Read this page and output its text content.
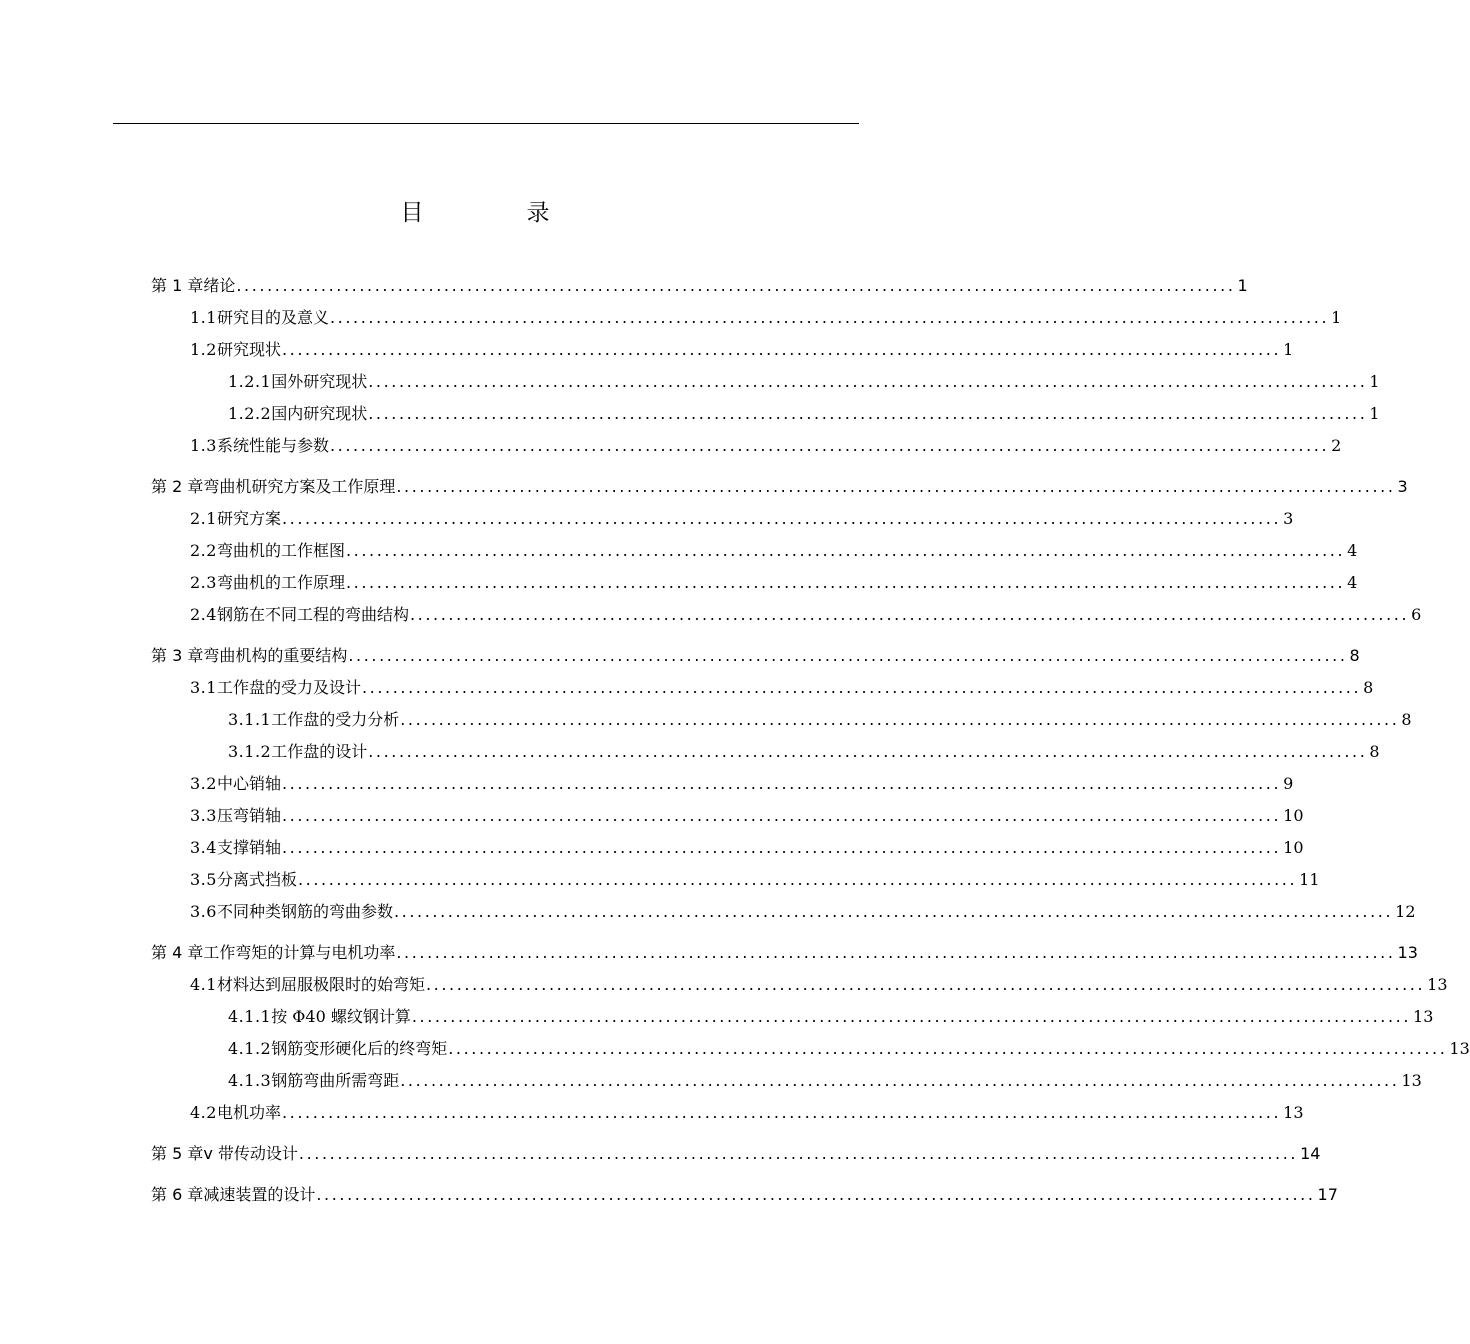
目　录
第 1 章 绪论 .................................................................................................................................. 1
1.1 研究目的及意义 .................................................................................................................................. 1
1.2 研究现状 .................................................................................................................................. 1
1.2.1 国外研究现状 .................................................................................................................................. 1
1.2.2 国内研究现状 .................................................................................................................................. 1
1.3 系统性能与参数 .................................................................................................................................. 2
第 2 章 弯曲机研究方案及工作原理 .................................................................................................................................. 3
2.1 研究方案 .................................................................................................................................. 3
2.2 弯曲机的工作框图 .................................................................................................................................. 4
2.3 弯曲机的工作原理 .................................................................................................................................. 4
2.4 钢筋在不同工程的弯曲结构 .................................................................................................................................. 6
第 3 章 弯曲机构的重要结构 .................................................................................................................................. 8
3.1 工作盘的受力及设计 .................................................................................................................................. 8
3.1.1 工作盘的受力分析 .................................................................................................................................. 8
3.1.2 工作盘的设计 .................................................................................................................................. 8
3.2 中心销轴 .................................................................................................................................. 9
3.3 压弯销轴 .................................................................................................................................. 10
3.4 支撑销轴 .................................................................................................................................. 10
3.5 分离式挡板 .................................................................................................................................. 11
3.6 不同种类钢筋的弯曲参数 .................................................................................................................................. 12
第 4 章 工作弯矩的计算与电机功率 .................................................................................................................................. 13
4.1 材料达到屈服极限时的始弯矩 .................................................................................................................................. 13
4.1.1 按 Φ40 螺纹钢计算 .................................................................................................................................. 13
4.1.2 钢筋变形硬化后的终弯矩 .................................................................................................................................. 13
4.1.3 钢筋弯曲所需弯距 .................................................................................................................................. 13
4.2 电机功率 .................................................................................................................................. 13
第 5 章 v 带传动设计 .................................................................................................................................. 14
第 6 章 减速装置的设计 .................................................................................................................................. 17
